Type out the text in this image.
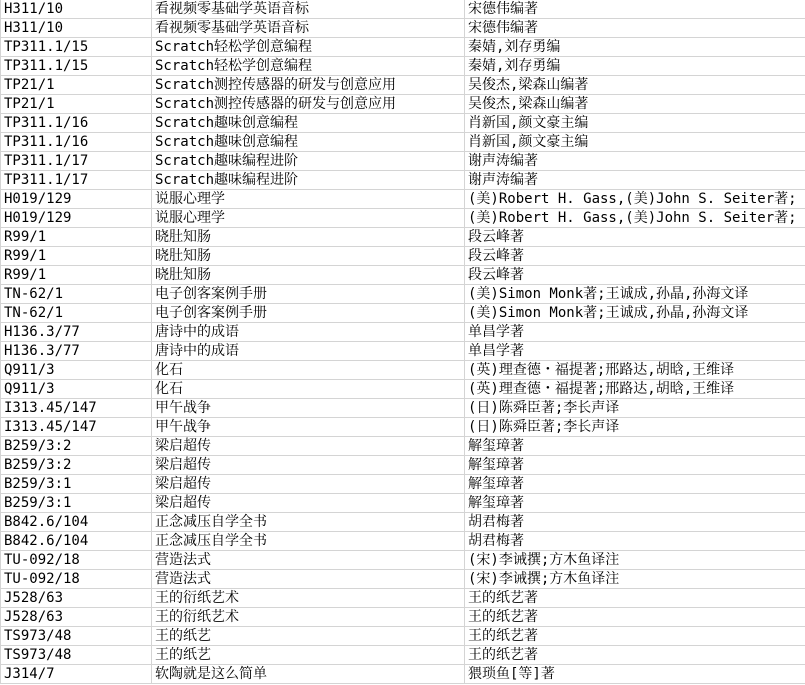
H311/10	看视频零基础学英语音标	宋德伟编著
H311/10	看视频零基础学英语音标	宋德伟编著
TP311.1/15	Scratch轻松学创意编程	秦婧,刘存勇编
TP311.1/15	Scratch轻松学创意编程	秦婧,刘存勇编
TP21/1	Scratch测控传感器的研发与创意应用	吴俊杰,梁森山编著
TP21/1	Scratch测控传感器的研发与创意应用	吴俊杰,梁森山编著
TP311.1/16	Scratch趣味创意编程	肖新国,颜文豪主编
TP311.1/16	Scratch趣味创意编程	肖新国,颜文豪主编
TP311.1/17	Scratch趣味编程进阶	谢声涛编著
TP311.1/17	Scratch趣味编程进阶	谢声涛编著
H019/129	说服心理学	(美)Robert H. Gass,(美)John S. Seiter著;
H019/129	说服心理学	(美)Robert H. Gass,(美)John S. Seiter著;
R99/1	晓肚知肠	段云峰著
R99/1	晓肚知肠	段云峰著
R99/1	晓肚知肠	段云峰著
TN-62/1	电子创客案例手册	(美)Simon Monk著;王诚成,孙晶,孙海文译
TN-62/1	电子创客案例手册	(美)Simon Monk著;王诚成,孙晶,孙海文译
H136.3/77	唐诗中的成语	单昌学著
H136.3/77	唐诗中的成语	单昌学著
Q911/3	化石	(英)理查德・福提著;邢路达,胡晗,王维译
Q911/3	化石	(英)理查德・福提著;邢路达,胡晗,王维译
I313.45/147	甲午战争	(日)陈舜臣著;李长声译
I313.45/147	甲午战争	(日)陈舜臣著;李长声译
B259/3:2	梁启超传	解玺璋著
B259/3:2	梁启超传	解玺璋著
B259/3:1	梁启超传	解玺璋著
B259/3:1	梁启超传	解玺璋著
B842.6/104	正念减压自学全书	胡君梅著
B842.6/104	正念减压自学全书	胡君梅著
TU-092/18	营造法式	(宋)李诫撰;方木鱼译注
TU-092/18	营造法式	(宋)李诫撰;方木鱼译注
J528/63	王的衍纸艺术	王的纸艺著
J528/63	王的衍纸艺术	王的纸艺著
TS973/48	王的纸艺	王的纸艺著
TS973/48	王的纸艺	王的纸艺著
J314/7	软陶就是这么简单	猥琐鱼[等]著
